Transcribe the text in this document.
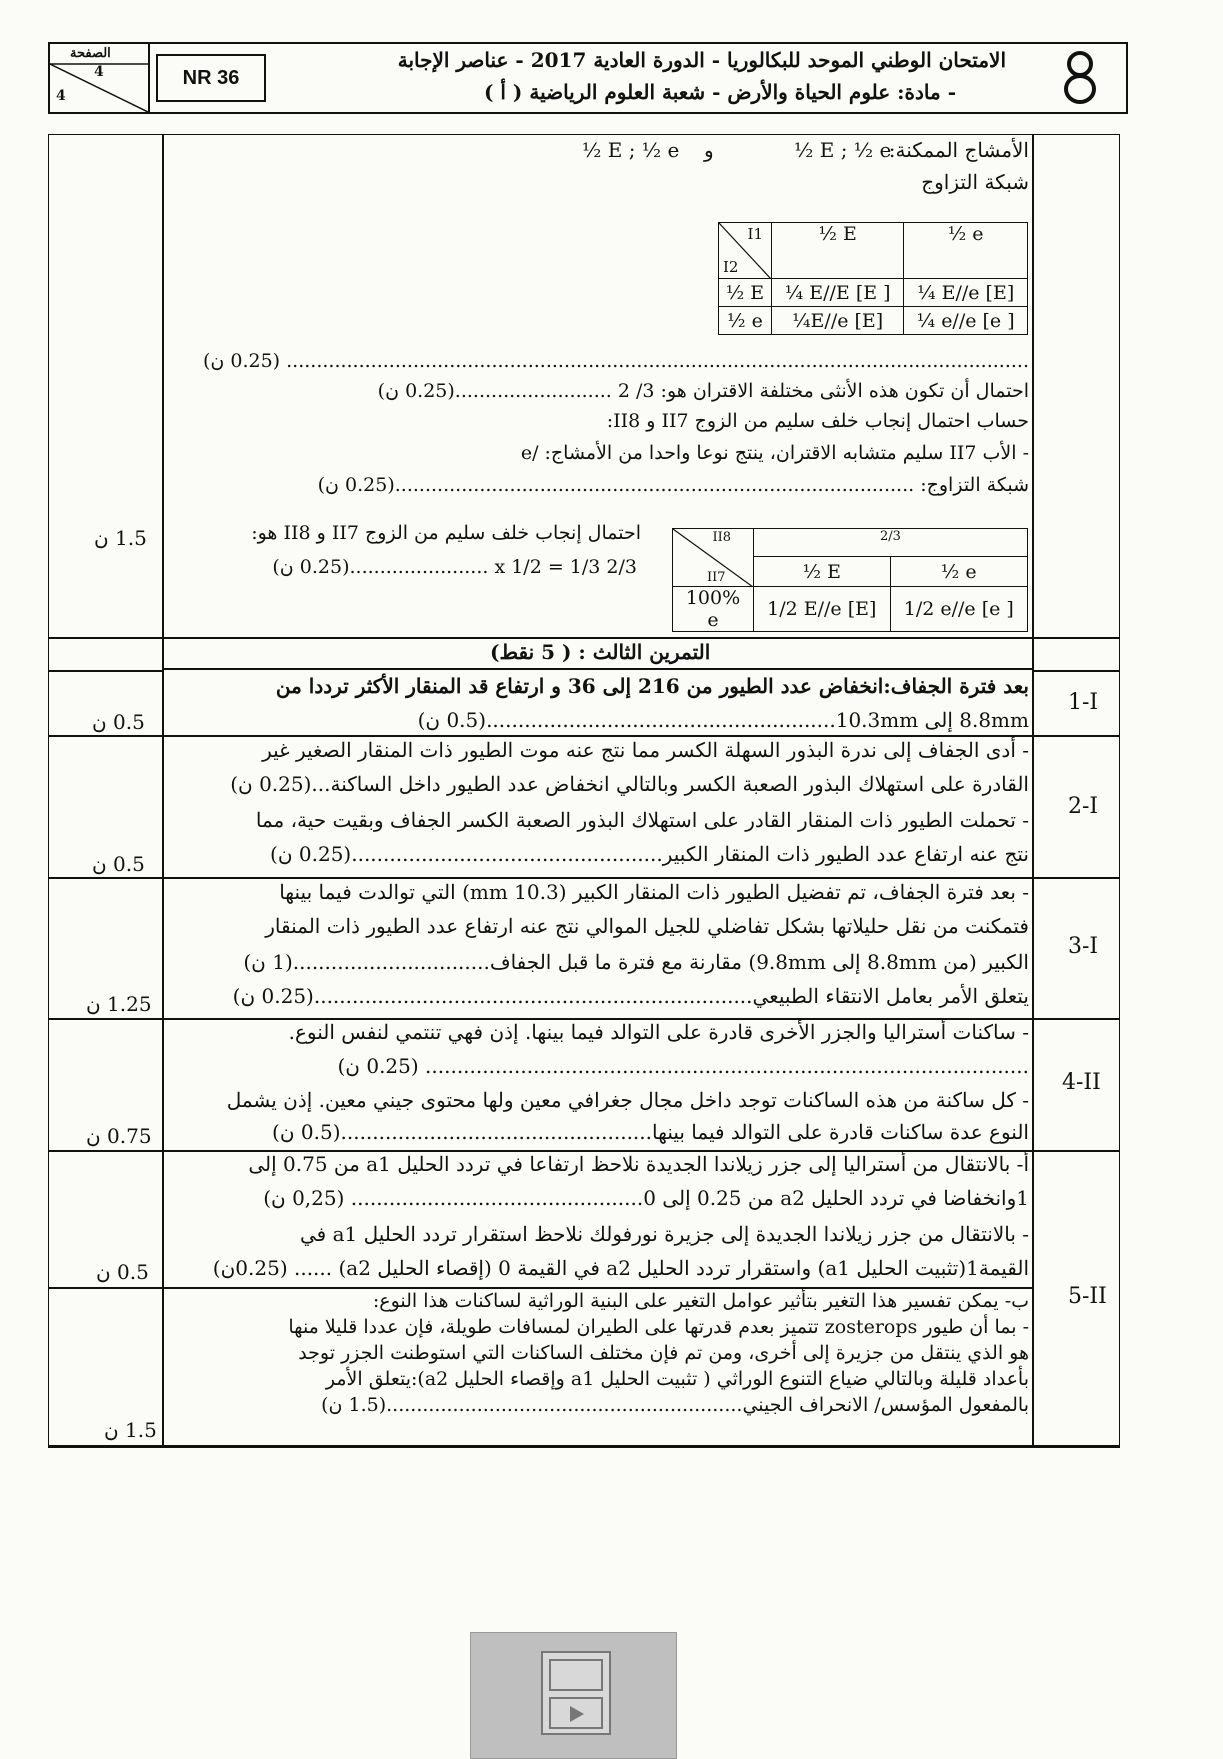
الصفحة
4
4
NR 36
الامتحان الوطني الموحد للبكالوريا - الدورة العادية 2017 - عناصر الإجابة
- مادة: علوم الحياة والأرض - شعبة العلوم الرياضية ( أ )
الأمشاج الممكنة:
½ E ; ½ e
و
½ E ; ½ e
شبكة التزاوج
I1
I2	½ E	½ e
½ E	¼ E//E [E ]	¼ E//e [E]
½ e	¼E//e [E]	¼ e//e [e ]
........................................................................................................................... (0.25 ن)
احتمال أن تكون هذه الأنثى مختلفة الاقتران هو: 3/ 2 ..........................(0.25 ن)
حساب احتمال إنجاب خلف سليم من الزوج II7 و II8:
- الأب II7 سليم متشابه الاقتران، ينتج نوعا واحدا من الأمشاج: /e
شبكة التزاوج: ......................................................................................(0.25 ن)
احتمال إنجاب خلف سليم من الزوج II7 و II8 هو:
2/3 x 1/2 = 1/3 .......................(0.25 ن)
II8
II7	2/3	
	½ E	½ e
100% e	1/2 E//e [E]	1/2 e//e [e ]
1.5 ن
التمرين الثالث : ( 5 نقط)
1-I
0.5 ن
بعد فترة الجفاف:انخفاض عدد الطيور من 216 إلى 36 و ارتفاع قد المنقار الأكثر ترددا من
8.8mm إلى 10.3mm.......................................................(0.5 ن)
2-I
0.5 ن
- أدى الجفاف إلى ندرة البذور السهلة الكسر مما نتج عنه موت الطيور ذات المنقار الصغير غير
القادرة على استهلاك البذور الصعبة الكسر وبالتالي انخفاض عدد الطيور داخل الساكنة...(0.25 ن)
- تحملت الطيور ذات المنقار القادر على استهلاك البذور الصعبة الكسر الجفاف وبقيت حية، مما
نتج عنه ارتفاع عدد الطيور ذات المنقار الكبير.................................................(0.25 ن)
3-I
1.25 ن
- بعد فترة الجفاف، تم تفضيل الطيور ذات المنقار الكبير (10.3 mm) التي توالدت فيما بينها
فتمكنت من نقل حليلاتها بشكل تفاضلي للجيل الموالي نتج عنه ارتفاع عدد الطيور ذات المنقار
الكبير (من 8.8mm إلى 9.8mm) مقارنة مع فترة ما قبل الجفاف...............................(1 ن)
يتعلق الأمر بعامل الانتقاء الطبيعي.....................................................................(0.25 ن)
4-II
0.75 ن
- ساكنات أستراليا والجزر الأخرى قادرة على التوالد فيما بينها. إذن فهي تنتمي لنفس النوع.
............................................................................................... (0.25 ن)
- كل ساكنة من هذه الساكنات توجد داخل مجال جغرافي معين ولها محتوى جيني معين. إذن يشمل
النوع عدة ساكنات قادرة على التوالد فيما بينها.................................................(0.5 ن)
0.5 ن
أ- بالانتقال من أستراليا إلى جزر زيلاندا الجديدة نلاحظ ارتفاعا في تردد الحليل a1 من 0.75 إلى
1وانخفاضا في تردد الحليل a2 من 0.25 إلى 0.............................................. (0,25 ن)
- بالانتقال من جزر زيلاندا الجديدة إلى جزيرة نورفولك نلاحظ استقرار تردد الحليل a1 في
القيمة1(تثبيت الحليل a1) واستقرار تردد الحليل a2 في القيمة 0 (إقصاء الحليل a2) ...... (0.25ن)
5-II
1.5 ن
ب- يمكن تفسير هذا التغير بتأثير عوامل التغير على البنية الوراثية لساكنات هذا النوع:
- بما أن طيور zosterops تتميز بعدم قدرتها على الطيران لمسافات طويلة، فإن عددا قليلا منها
هو الذي ينتقل من جزيرة إلى أخرى، ومن تم فإن مختلف الساكنات التي استوطنت الجزر توجد
بأعداد قليلة وبالتالي ضياع التنوع الوراثي ( تثبيت الحليل a1 وإقصاء الحليل a2):يتعلق الأمر
بالمفعول المؤسس/ الانحراف الجيني...........................................................(1.5 ن)
